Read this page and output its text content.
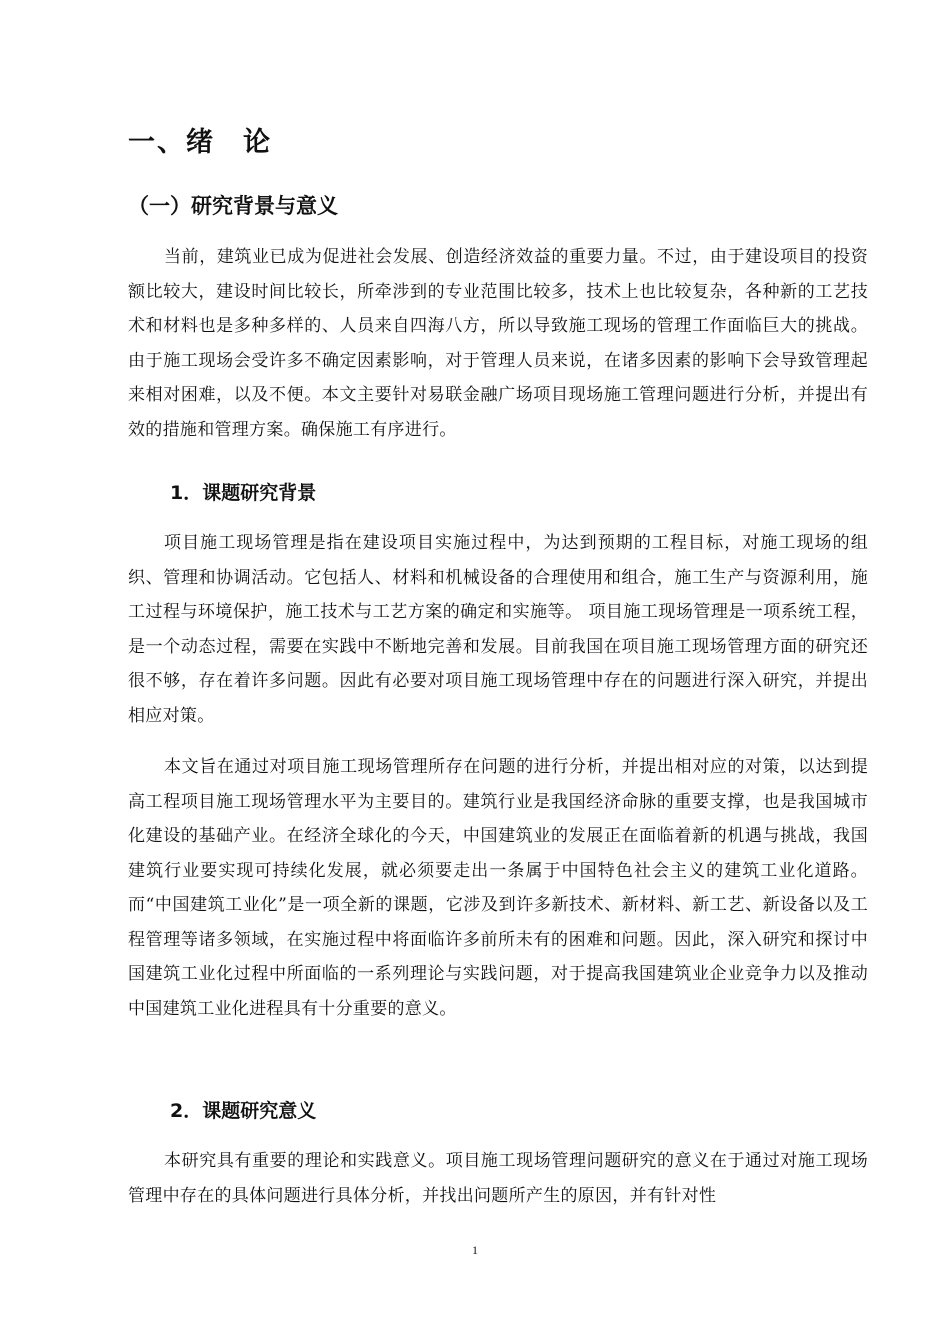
一、绪 论
（一）研究背景与意义
当前，建筑业已成为促进社会发展、创造经济效益的重要力量。不过，由于建设项目的投资额比较大，建设时间比较长，所牵涉到的专业范围比较多，技术上也比较复杂，各种新的工艺技术和材料也是多种多样的、人员来自四海八方，所以导致施工现场的管理工作面临巨大的挑战。由于施工现场会受许多不确定因素影响，对于管理人员来说，在诸多因素的影响下会导致管理起来相对困难，以及不便。本文主要针对易联金融广场项目现场施工管理问题进行分析，并提出有效的措施和管理方案。确保施工有序进行。
1．课题研究背景
项目施工现场管理是指在建设项目实施过程中，为达到预期的工程目标，对施工现场的组织、管理和协调活动。它包括人、材料和机械设备的合理使用和组合，施工生产与资源利用，施工过程与环境保护，施工技术与工艺方案的确定和实施等。 项目施工现场管理是一项系统工程，是一个动态过程，需要在实践中不断地完善和发展。目前我国在项目施工现场管理方面的研究还很不够，存在着许多问题。因此有必要对项目施工现场管理中存在的问题进行深入研究，并提出相应对策。
本文旨在通过对项目施工现场管理所存在问题的进行分析，并提出相对应的对策，以达到提高工程项目施工现场管理水平为主要目的。建筑行业是我国经济命脉的重要支撑，也是我国城市化建设的基础产业。在经济全球化的今天，中国建筑业的发展正在面临着新的机遇与挑战，我国建筑行业要实现可持续化发展，就必须要走出一条属于中国特色社会主义的建筑工业化道路。而“中国建筑工业化”是一项全新的课题，它涉及到许多新技术、新材料、新工艺、新设备以及工程管理等诸多领域，在实施过程中将面临许多前所未有的困难和问题。因此，深入研究和探讨中国建筑工业化过程中所面临的一系列理论与实践问题，对于提高我国建筑业企业竞争力以及推动中国建筑工业化进程具有十分重要的意义。
2．课题研究意义
本研究具有重要的理论和实践意义。项目施工现场管理问题研究的意义在于通过对施工现场管理中存在的具体问题进行具体分析，并找出问题所产生的原因，并有针对性
1
